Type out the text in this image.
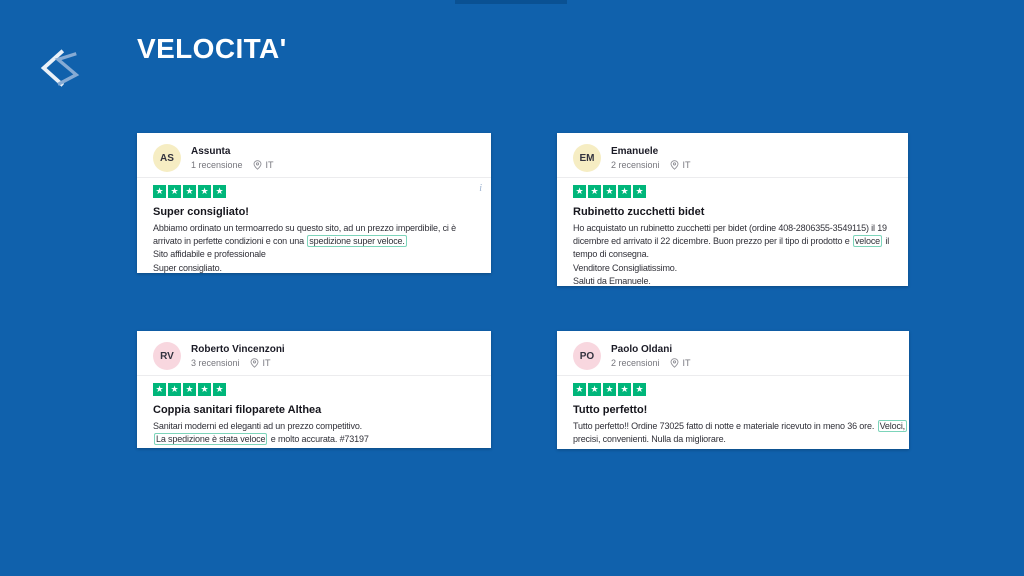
VELOCITA'
AS
Assunta
1 recensione	IT
★ ★ ★ ★ ★	i
Super consigliato!
Abbiamo ordinato un termoarredo su questo sito, ad un prezzo imperdibile, ci è
arrivato in perfette condizioni e con una spedizione super veloce.
Sito affidabile e professionale
Super consigliato.
EM
Emanuele
2 recensioni	IT
★ ★ ★ ★ ★
Rubinetto zucchetti bidet
Ho acquistato un rubinetto zucchetti per bidet (ordine 408-2806355-3549115) il 19
dicembre ed arrivato il 22 dicembre. Buon prezzo per il tipo di prodotto e veloce il
tempo di consegna.
Venditore Consigliatissimo.
Saluti da Emanuele.
RV
Roberto Vincenzoni
3 recensioni	IT
★ ★ ★ ★ ★
Coppia sanitari filoparete Althea
Sanitari moderni ed eleganti ad un prezzo competitivo.
La spedizione è stata veloce e molto accurata. #73197
PO
Paolo Oldani
2 recensioni	IT
★ ★ ★ ★ ★
Tutto perfetto!
Tutto perfetto!! Ordine 73025 fatto di notte e materiale ricevuto in meno 36 ore. Veloci,
precisi, convenienti. Nulla da migliorare.
